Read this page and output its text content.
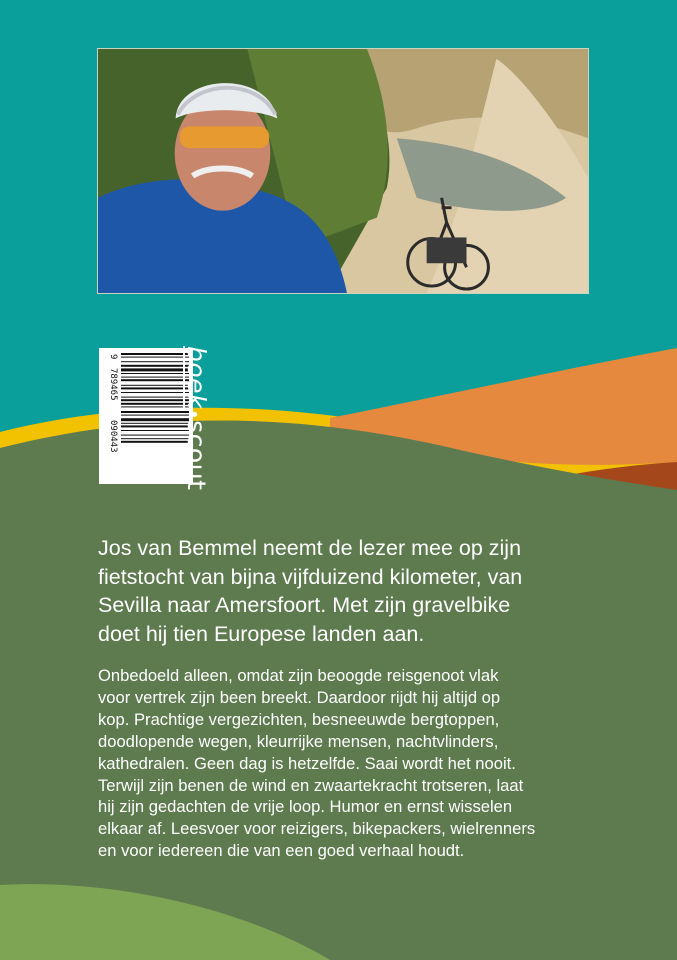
9
789465
090443
boek•scout

Jos van Bemmel neemt de lezer mee op zijn
fietstocht van bijna vijfduizend kilometer, van
Sevilla naar Amersfoort. Met zijn gravelbike
doet hij tien Europese landen aan.

Onbedoeld alleen, omdat zijn beoogde reisgenoot vlak
voor vertrek zijn been breekt. Daardoor rijdt hij altijd op
kop. Prachtige vergezichten, besneeuwde bergtoppen,
doodlopende wegen, kleurrijke mensen, nachtvlinders,
kathedralen. Geen dag is hetzelfde. Saai wordt het nooit.
Terwijl zijn benen de wind en zwaartekracht trotseren, laat
hij zijn gedachten de vrije loop. Humor en ernst wisselen
elkaar af. Leesvoer voor reizigers, bikepackers, wielrenners
en voor iedereen die van een goed verhaal houdt.
